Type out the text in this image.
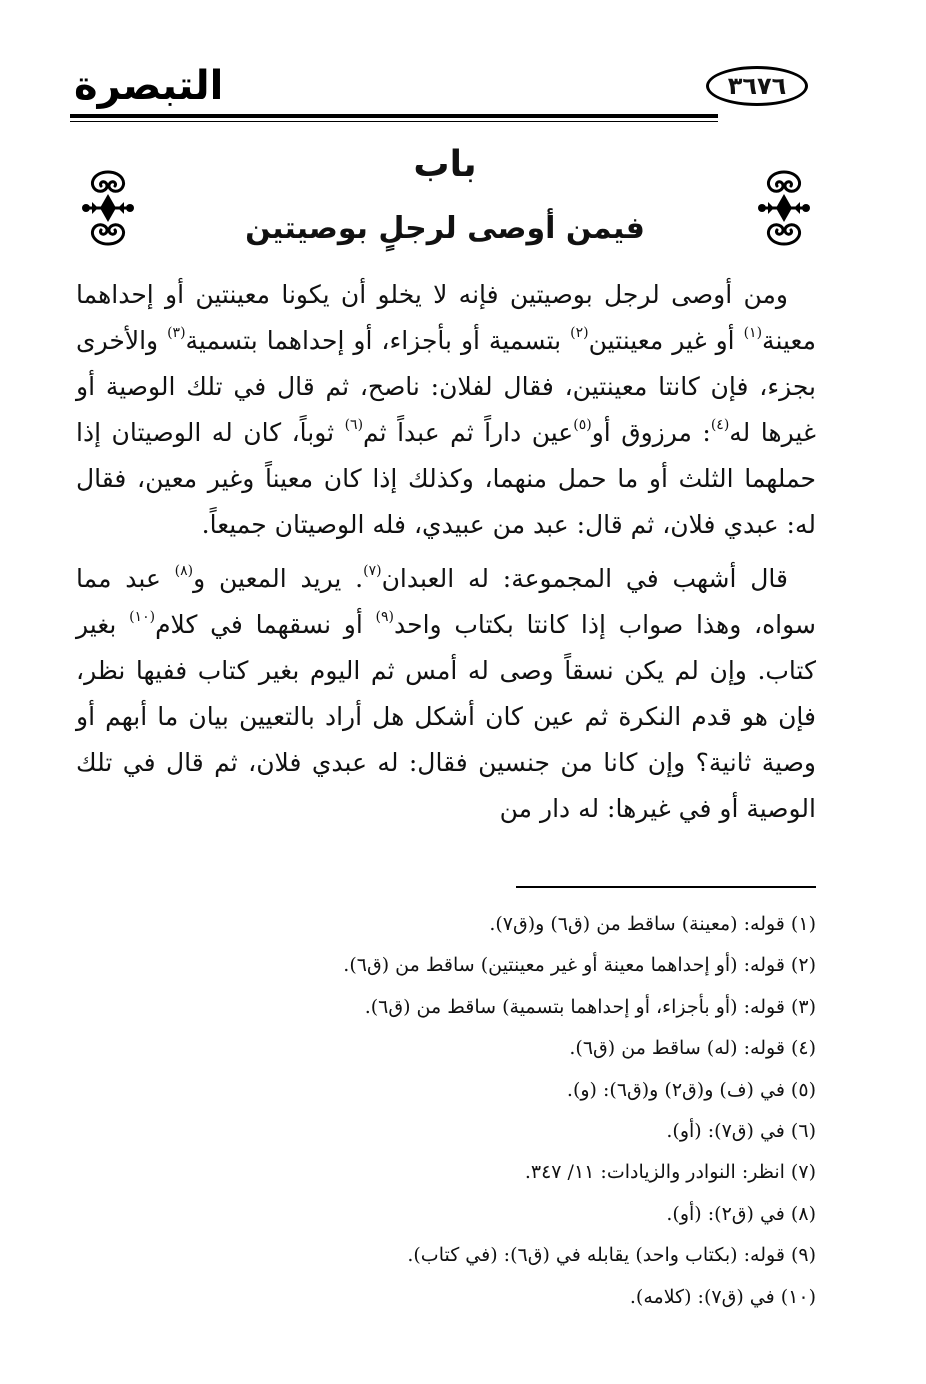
التبصرة	٣٦٧٦
باب
فيمن أوصى لرجلٍ بوصيتين

ومن أوصى لرجل بوصيتين فإنه لا يخلو أن يكونا معينتين أو إحداهما معينة$^{(١)}$ أو غير معينتين$^{(٢)}$ بتسمية أو بأجزاء، أو إحداهما بتسمية$^{(٣)}$ والأخرى بجزء، فإن كانتا معينتين، فقال لفلان: ناصح، ثم قال في تلك الوصية أو غيرها له$^{(٤)}$: مرزوق أو$^{(٥)}$عين داراً ثم عبداً ثم$^{(٦)}$ ثوباً، كان له الوصيتان إذا حملهما الثلث أو ما حمل منهما، وكذلك إذا كان معيناً وغير معين، فقال له: عبدي فلان، ثم قال: عبد من عبيدي، فله الوصيتان جميعاً.

قال أشهب في المجموعة: له العبدان$^{(٧)}$. يريد المعين و$^{(٨)}$ عبد مما سواه، وهذا صواب إذا كانتا بكتاب واحد$^{(٩)}$ أو نسقهما في كلام$^{(١٠)}$ بغير كتاب. وإن لم يكن نسقاً وصى له أمس ثم اليوم بغير كتاب ففيها نظر، فإن هو قدم النكرة ثم عين كان أشكل هل أراد بالتعيين بيان ما أبهم أو وصية ثانية؟ وإن كانا من جنسين فقال: له عبدي فلان، ثم قال في تلك الوصية أو في غيرها: له دار من

(١) قوله: (معينة) ساقط من (ق٦) و(ق٧).
(٢) قوله: (أو إحداهما معينة أو غير معينتين) ساقط من (ق٦).
(٣) قوله: (أو بأجزاء، أو إحداهما بتسمية) ساقط من (ق٦).
(٤) قوله: (له) ساقط من (ق٦).
(٥) في (ف) و(ق٢) و(ق٦): (و).
(٦) في (ق٧): (أو).
(٧) انظر: النوادر والزيادات: ١١/ ٣٤٧.
(٨) في (ق٢): (أو).
(٩) قوله: (بكتاب واحد) يقابله في (ق٦): (في كتاب).
(١٠) في (ق٧): (كلامه).
